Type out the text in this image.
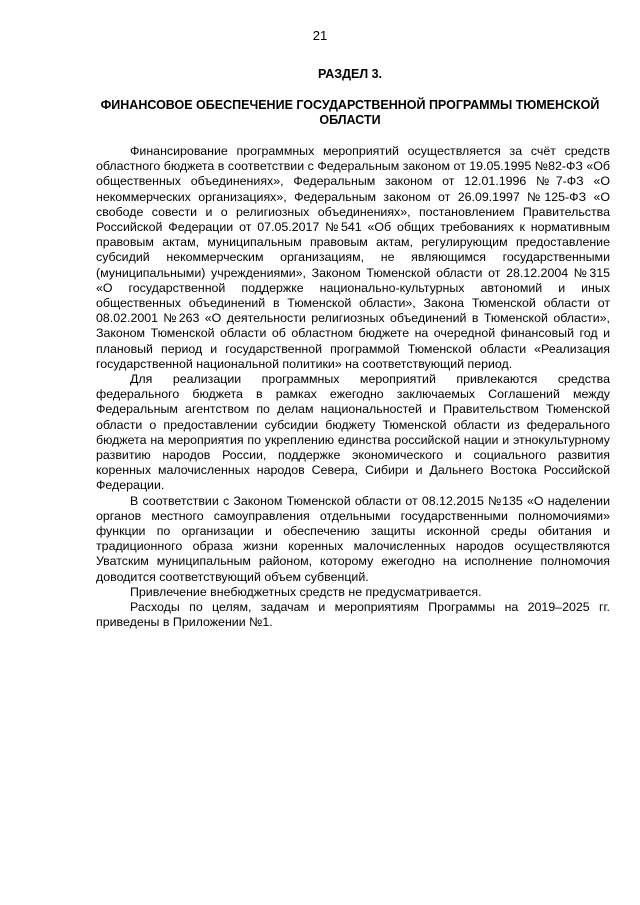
21
РАЗДЕЛ 3.
ФИНАНСОВОЕ ОБЕСПЕЧЕНИЕ ГОСУДАРСТВЕННОЙ ПРОГРАММЫ ТЮМЕНСКОЙ ОБЛАСТИ

Финансирование программных мероприятий осуществляется за счёт средств областного бюджета в соответствии с Федеральным законом от 19.05.1995 №82-ФЗ «Об общественных объединениях», Федеральным законом от 12.01.1996 №7-ФЗ «О некоммерческих организациях», Федеральным законом от 26.09.1997 №125-ФЗ «О свободе совести и о религиозных объединениях», постановлением Правительства Российской Федерации от 07.05.2017 №541 «Об общих требованиях к нормативным правовым актам, муниципальным правовым актам, регулирующим предоставление субсидий некоммерческим организациям, не являющимся государственными (муниципальными) учреждениями», Законом Тюменской области от 28.12.2004 №315 «О государственной поддержке национально-культурных автономий и иных общественных объединений в Тюменской области», Закона Тюменской области от 08.02.2001 №263 «О деятельности религиозных объединений в Тюменской области», Законом Тюменской области об областном бюджете на очередной финансовый год и плановый период и государственной программой Тюменской области «Реализация государственной национальной политики» на соответствующий период.

Для реализации программных мероприятий привлекаются средства федерального бюджета в рамках ежегодно заключаемых Соглашений между Федеральным агентством по делам национальностей и Правительством Тюменской области о предоставлении субсидии бюджету Тюменской области из федерального бюджета на мероприятия по укреплению единства российской нации и этнокультурному развитию народов России, поддержке экономического и социального развития коренных малочисленных народов Севера, Сибири и Дальнего Востока Российской Федерации.

В соответствии с Законом Тюменской области от 08.12.2015 №135 «О наделении органов местного самоуправления отдельными государственными полномочиями» функции по организации и обеспечению защиты исконной среды обитания и традиционного образа жизни коренных малочисленных народов осуществляются Уватским муниципальным районом, которому ежегодно на исполнение полномочия доводится соответствующий объем субвенций.

Привлечение внебюджетных средств не предусматривается.

Расходы по целям, задачам и мероприятиям Программы на 2019–2025 гг. приведены в Приложении №1.
